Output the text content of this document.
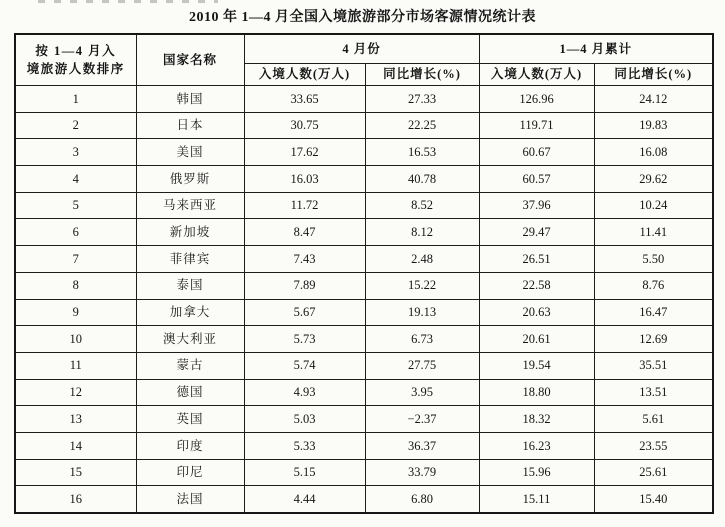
2010 年 1—4 月全国入境旅游部分市场客源情况统计表
按 1—4 月入
境旅游人数排序	国家名称	4 月份		1—4 月累计	
		入境人数(万人)	同比增长(%)	入境人数(万人)	同比增长(%)
1	韩国	33.65	27.33	126.96	24.12
2	日本	30.75	22.25	119.71	19.83
3	美国	17.62	16.53	60.67	16.08
4	俄罗斯	16.03	40.78	60.57	29.62
5	马来西亚	11.72	8.52	37.96	10.24
6	新加坡	8.47	8.12	29.47	11.41
7	菲律宾	7.43	2.48	26.51	5.50
8	泰国	7.89	15.22	22.58	8.76
9	加拿大	5.67	19.13	20.63	16.47
10	澳大利亚	5.73	6.73	20.61	12.69
11	蒙古	5.74	27.75	19.54	35.51
12	德国	4.93	3.95	18.80	13.51
13	英国	5.03	−2.37	18.32	5.61
14	印度	5.33	36.37	16.23	23.55
15	印尼	5.15	33.79	15.96	25.61
16	法国	4.44	6.80	15.11	15.40
